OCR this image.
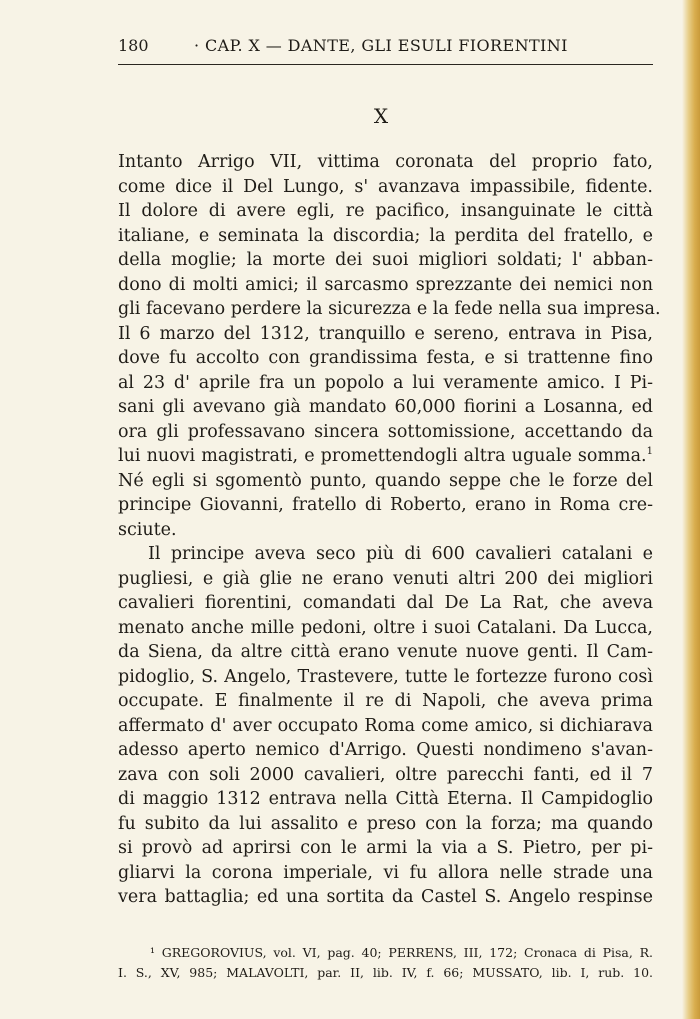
180	· CAP. X — DANTE, GLI ESULI FIORENTINI
X
Intanto Arrigo VII, vittima coronata del proprio fato,
come dice il Del Lungo, s' avanzava impassibile, fidente.
Il dolore di avere egli, re pacifico, insanguinate le città
italiane, e seminata la discordia; la perdita del fratello, e
della moglie; la morte dei suoi migliori soldati; l' abban-
dono di molti amici; il sarcasmo sprezzante dei nemici non
gli facevano perdere la sicurezza e la fede nella sua impresa.
Il 6 marzo del 1312, tranquillo e sereno, entrava in Pisa,
dove fu accolto con grandissima festa, e si trattenne fino
al 23 d' aprile fra un popolo a lui veramente amico. I Pi-
sani gli avevano già mandato 60,000 fiorini a Losanna, ed
ora gli professavano sincera sottomissione, accettando da
lui nuovi magistrati, e promettendogli altra uguale somma.$^1$
Né egli si sgomentò punto, quando seppe che le forze del
principe Giovanni, fratello di Roberto, erano in Roma cre-
sciute.
Il principe aveva seco più di 600 cavalieri catalani e
pugliesi, e già glie ne erano venuti altri 200 dei migliori
cavalieri fiorentini, comandati dal De La Rat, che aveva
menato anche mille pedoni, oltre i suoi Catalani. Da Lucca,
da Siena, da altre città erano venute nuove genti. Il Cam-
pidoglio, S. Angelo, Trastevere, tutte le fortezze furono così
occupate. E finalmente il re di Napoli, che aveva prima
affermato d' aver occupato Roma come amico, si dichiarava
adesso aperto nemico d'Arrigo. Questi nondimeno s'avan-
zava con soli 2000 cavalieri, oltre parecchi fanti, ed il 7
di maggio 1312 entrava nella Città Eterna. Il Campidoglio
fu subito da lui assalito e preso con la forza; ma quando
si provò ad aprirsi con le armi la via a S. Pietro, per pi-
gliarvi la corona imperiale, vi fu allora nelle strade una
vera battaglia; ed una sortita da Castel S. Angelo respinse
¹ GREGOROVIUS, vol. VI, pag. 40; PERRENS, III, 172; Cronaca di Pisa, R.
I. S., XV, 985; MALAVOLTI, par. II, lib. IV, f. 66; MUSSATO, lib. I, rub. 10.
